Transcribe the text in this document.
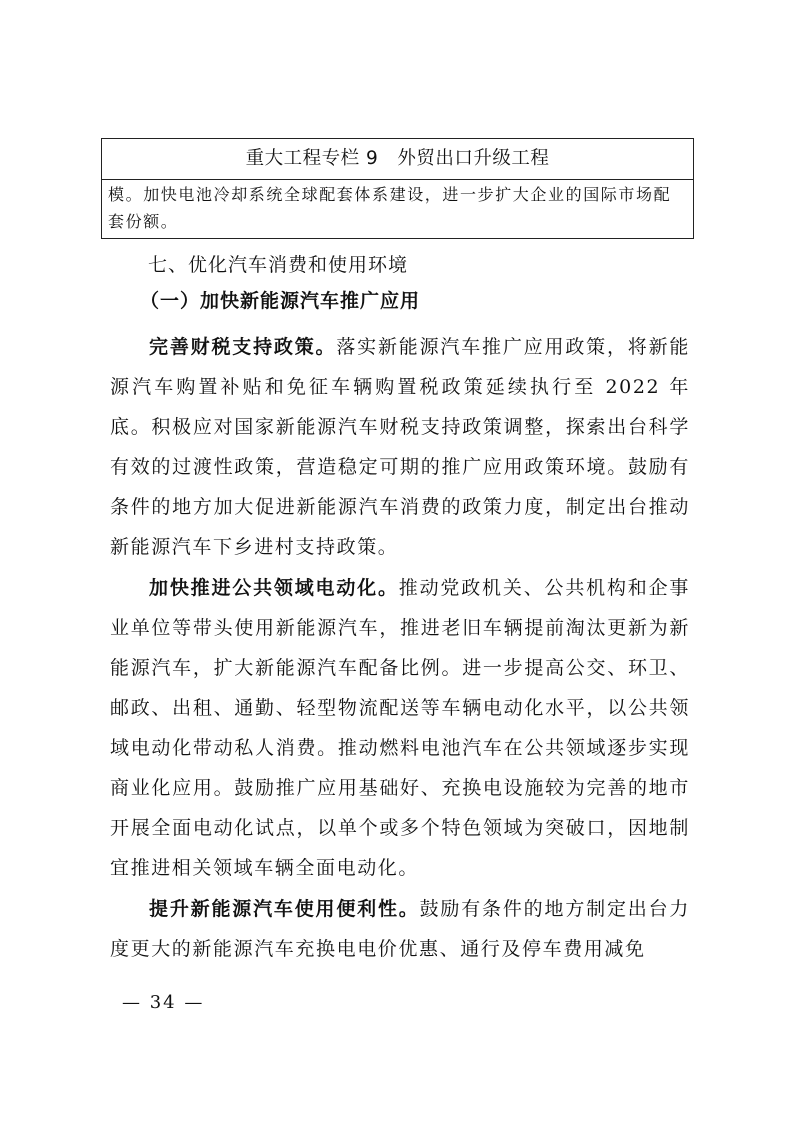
重大工程专栏 9　外贸出口升级工程
模。加快电池冷却系统全球配套体系建设，进一步扩大企业的国际市场配套份额。
七、优化汽车消费和使用环境
（一）加快新能源汽车推广应用

完善财税支持政策。落实新能源汽车推广应用政策，将新能源汽车购置补贴和免征车辆购置税政策延续执行至 2022 年底。积极应对国家新能源汽车财税支持政策调整，探索出台科学有效的过渡性政策，营造稳定可期的推广应用政策环境。鼓励有条件的地方加大促进新能源汽车消费的政策力度，制定出台推动新能源汽车下乡进村支持政策。

加快推进公共领域电动化。推动党政机关、公共机构和企事业单位等带头使用新能源汽车，推进老旧车辆提前淘汰更新为新能源汽车，扩大新能源汽车配备比例。进一步提高公交、环卫、邮政、出租、通勤、轻型物流配送等车辆电动化水平，以公共领域电动化带动私人消费。推动燃料电池汽车在公共领域逐步实现商业化应用。鼓励推广应用基础好、充换电设施较为完善的地市开展全面电动化试点，以单个或多个特色领域为突破口，因地制宜推进相关领域车辆全面电动化。

提升新能源汽车使用便利性。鼓励有条件的地方制定出台力度更大的新能源汽车充换电电价优惠、通行及停车费用减免

— 34 —
